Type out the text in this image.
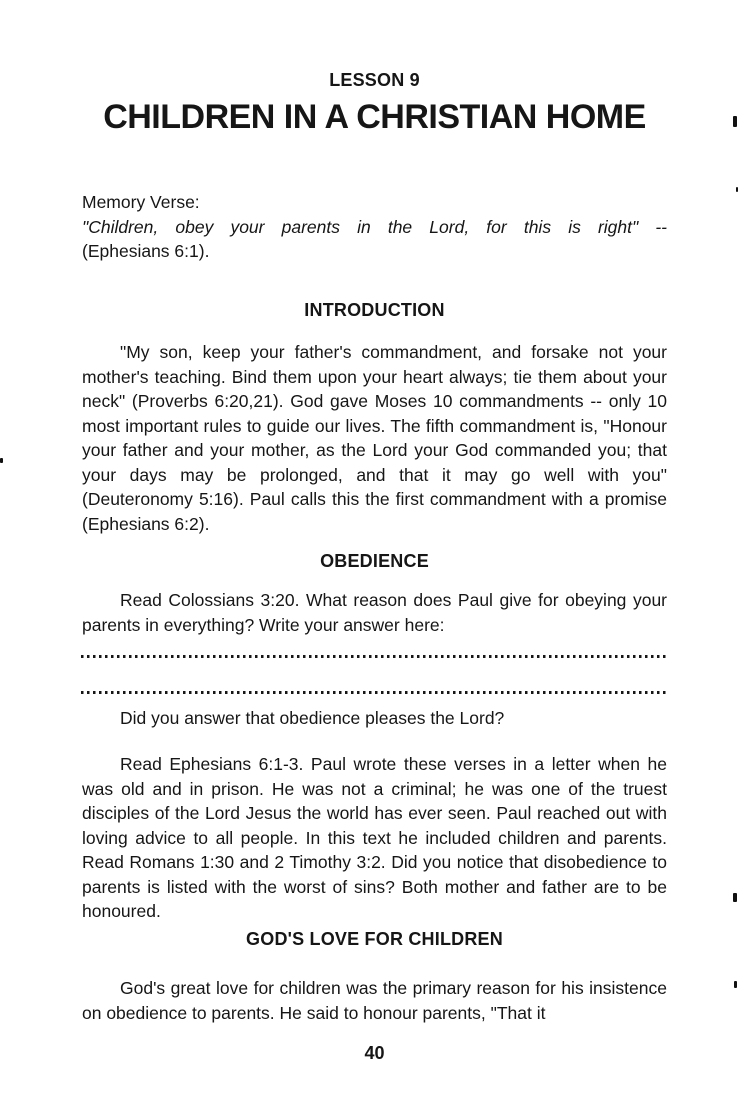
LESSON 9
CHILDREN IN A CHRISTIAN HOME
Memory Verse:
"Children, obey your parents in the Lord, for this is right" --
(Ephesians 6:1).
INTRODUCTION

"My son, keep your father's commandment, and forsake not your mother's teaching. Bind them upon your heart always; tie them about your neck" (Proverbs 6:20,21). God gave Moses 10 commandments -- only 10 most important rules to guide our lives. The fifth commandment is, "Honour your father and your mother, as the Lord your God commanded you; that your days may be prolonged, and that it may go well with you" (Deuteronomy 5:16). Paul calls this the first commandment with a promise (Ephesians 6:2).

OBEDIENCE

Read Colossians 3:20. What reason does Paul give for obeying your parents in everything? Write your answer here:

Did you answer that obedience pleases the Lord?

Read Ephesians 6:1-3. Paul wrote these verses in a letter when he was old and in prison. He was not a criminal; he was one of the truest disciples of the Lord Jesus the world has ever seen. Paul reached out with loving advice to all people. In this text he included children and parents. Read Romans 1:30 and 2 Timothy 3:2. Did you notice that disobedience to parents is listed with the worst of sins? Both mother and father are to be honoured.

GOD'S LOVE FOR CHILDREN

God's great love for children was the primary reason for his insistence on obedience to parents. He said to honour parents, "That it

40
